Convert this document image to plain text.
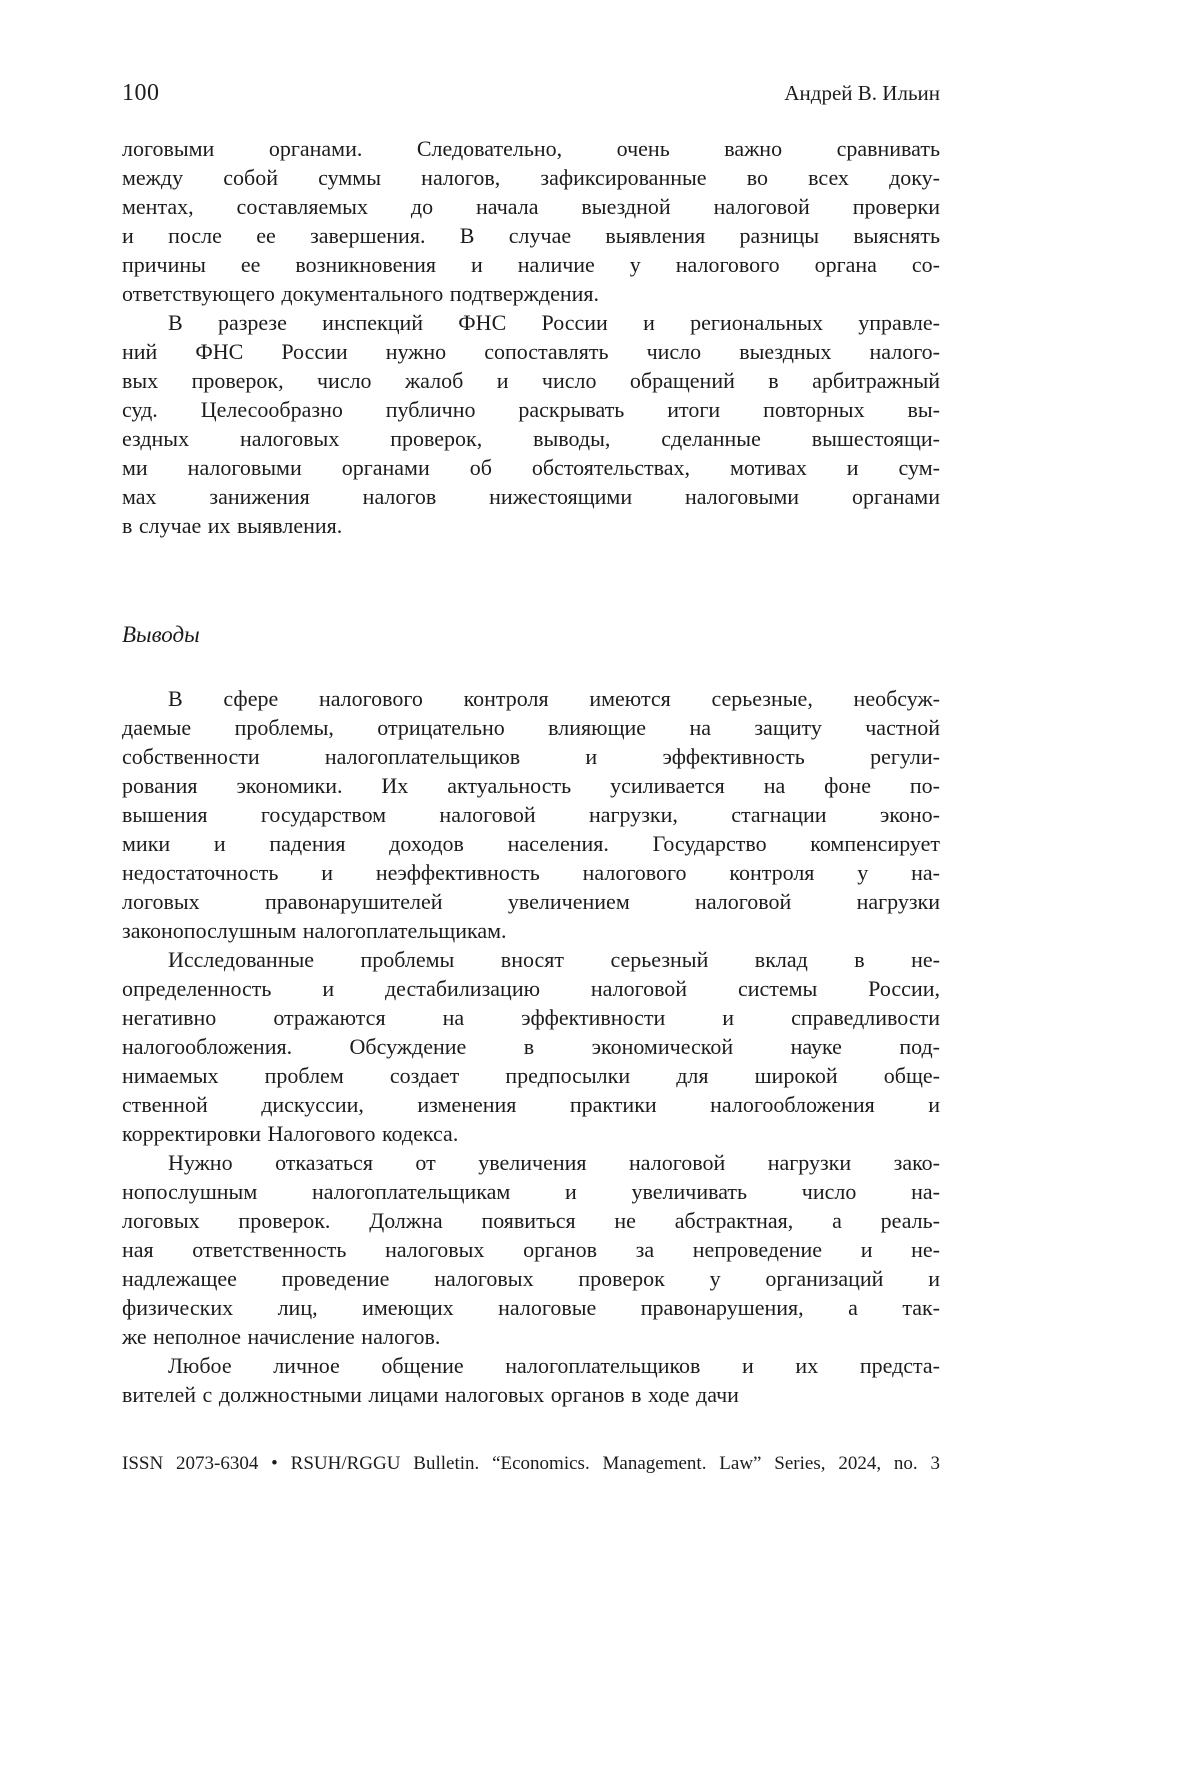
100	Андрей В. Ильин
логовыми органами. Следовательно, очень важно сравнивать
между собой суммы налогов, зафиксированные во всех доку-
ментах, составляемых до начала выездной налоговой проверки
и после ее завершения. В случае выявления разницы выяснять
причины ее возникновения и наличие у налогового органа со-
ответствующего документального подтверждения.
В разрезе инспекций ФНС России и региональных управле-
ний ФНС России нужно сопоставлять число выездных налого-
вых проверок, число жалоб и число обращений в арбитражный
суд. Целесообразно публично раскрывать итоги повторных вы-
ездных налоговых проверок, выводы, сделанные вышестоящи-
ми налоговыми органами об обстоятельствах, мотивах и сум-
мах занижения налогов нижестоящими налоговыми органами
в случае их выявления.
Выводы
В сфере налогового контроля имеются серьезные, необсуж-
даемые проблемы, отрицательно влияющие на защиту частной
собственности налогоплательщиков и эффективность регули-
рования экономики. Их актуальность усиливается на фоне по-
вышения государством налоговой нагрузки, стагнации эконо-
мики и падения доходов населения. Государство компенсирует
недостаточность и неэффективность налогового контроля у на-
логовых правонарушителей увеличением налоговой нагрузки
законопослушным налогоплательщикам.
Исследованные проблемы вносят серьезный вклад в не-
определенность и дестабилизацию налоговой системы России,
негативно отражаются на эффективности и справедливости
налогообложения. Обсуждение в экономической науке под-
нимаемых проблем создает предпосылки для широкой обще-
ственной дискуссии, изменения практики налогообложения и
корректировки Налогового кодекса.
Нужно отказаться от увеличения налоговой нагрузки зако-
нопослушным налогоплательщикам и увеличивать число на-
логовых проверок. Должна появиться не абстрактная, а реаль-
ная ответственность налоговых органов за непроведение и не-
надлежащее проведение налоговых проверок у организаций и
физических лиц, имеющих налоговые правонарушения, а так-
же неполное начисление налогов.
Любое личное общение налогоплательщиков и их предста-
вителей с должностными лицами налоговых органов в ходе дачи
ISSN 2073-6304 • RSUH/RGGU Bulletin. “Economics. Management. Law” Series, 2024, no. 3
